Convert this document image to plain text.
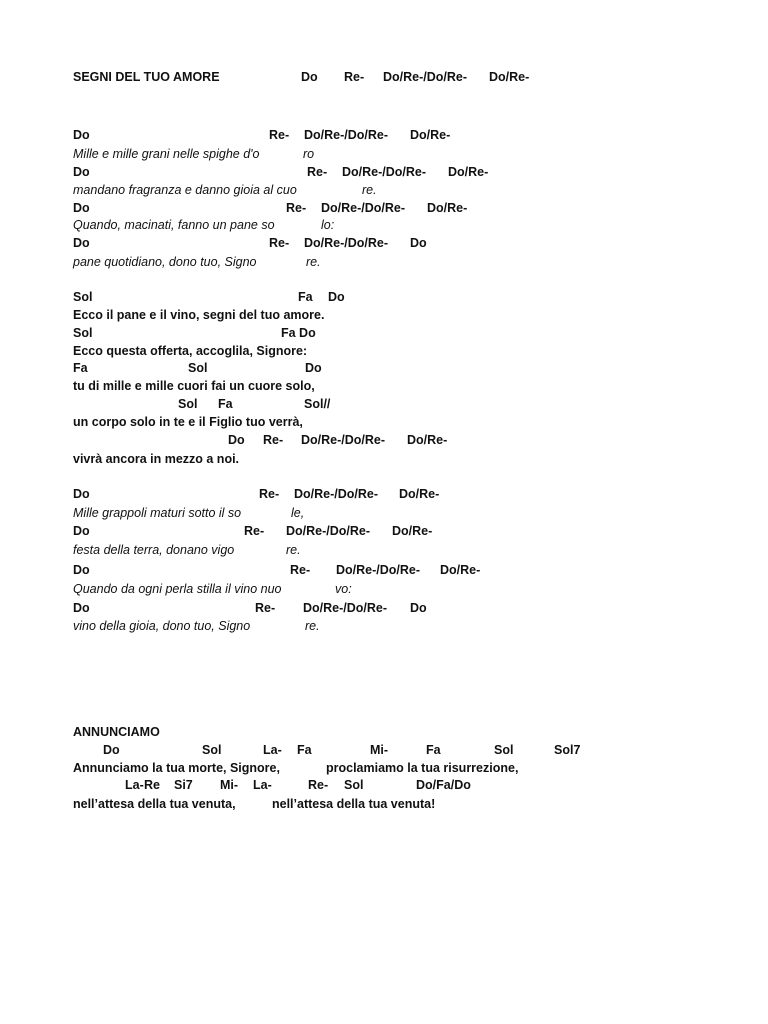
SEGNI DEL TUO AMORE

	Do

Re-

Do/Re-/Do/Re-

Do/Re-

Do

	Re-

Do/Re-/Do/Re-

Do/Re-

Mille e mille grani nelle spighe d'o

	ro

Do

	Re-

Do/Re-/Do/Re-

Do/Re-

mandano fragranza e danno gioia al cuo

	re.

Do

	Re-

Do/Re-/Do/Re-

Do/Re-

Quando, macinati, fanno un pane so

	lo:

Do

	Re-

Do/Re-/Do/Re-

Do

pane quotidiano, dono tuo, Signo

	re.

Sol

	Fa

Do

Ecco il pane e il vino, segni del tuo amore.

Sol

	Fa Do

Ecco questa offerta, accoglila, Signore:

Fa

	Sol

	Do

tu di mille e mille cuori fai un cuore solo,

Sol

Fa

	Sol//

un corpo solo in te e il Figlio tuo verrà,

Do

Re-

Do/Re-/Do/Re-

Do/Re-

vivrà ancora in mezzo a noi.

Do

	Re-

Do/Re-/Do/Re-

Do/Re-

Mille grappoli maturi sotto il so

	le,

Do

	Re-

Do/Re-/Do/Re-

Do/Re-

festa della terra, donano vigo

	re.

Do

	Re-

Do/Re-/Do/Re-

Do/Re-

Quando da ogni perla stilla il vino nuo

	vo:

Do

	Re-

Do/Re-/Do/Re-

Do

vino della gioia, dono tuo, Signo

	re.

ANNUNCIAMO

Do

	Sol

	La-

Fa

	Mi-

	Fa

	Sol

	Sol7

Annunciamo la tua morte, Signore,

	proclamiamo la tua risurrezione,

La-

Re

Si7

Mi-

La-

	Re-

Sol

	Do/Fa/Do

nell’attesa della tua venuta,

	nell’attesa della tua venuta!
